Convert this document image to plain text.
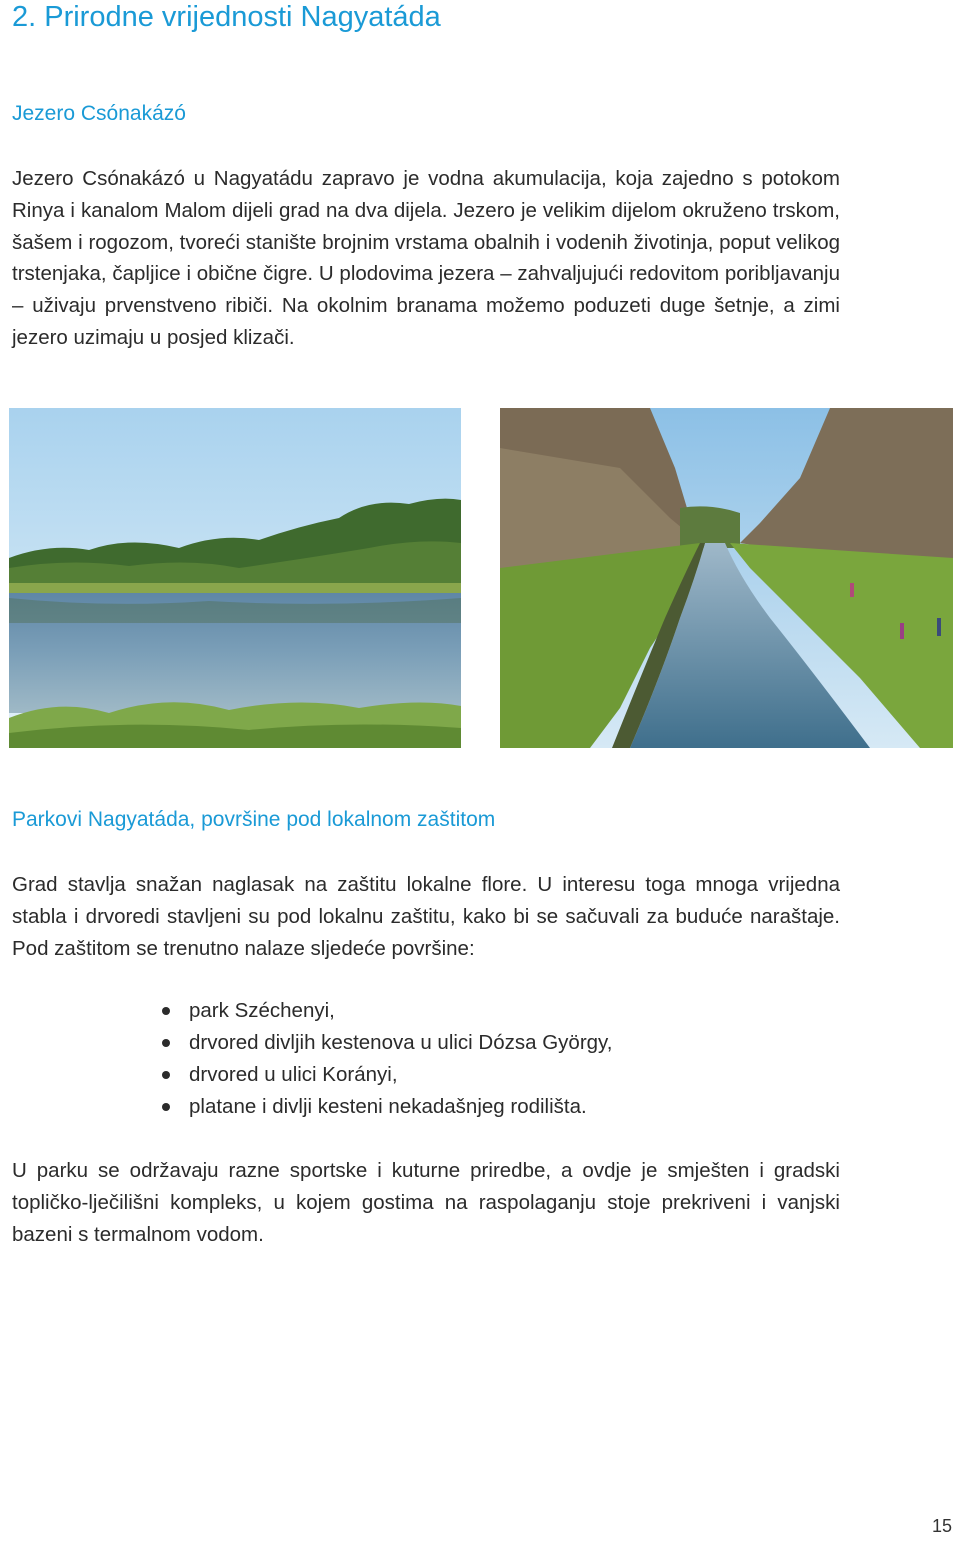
2. Prirodne vrijednosti Nagyatáda
Jezero Csónakázó

Jezero Csónakázó u Nagyatádu zapravo je vodna akumulacija, koja zajedno s potokom Rinya i kanalom Malom dijeli grad na dva dijela. Jezero je velikim dijelom okruženo trskom, šašem i rogozom, tvoreći stanište brojnim vrstama obalnih i vodenih životinja, poput velikog trstenjaka, čapljice i obične čigre. U plodovima jezera – zahvaljujući redovitom poribljavanju – uživaju prvenstveno ribiči. Na okolnim branama možemo poduzeti duge šetnje, a zimi jezero uzimaju u posjed klizači.

Parkovi Nagyatáda, površine pod lokalnom zaštitom

Grad stavlja snažan naglasak na zaštitu lokalne flore. U interesu toga mnoga vrijedna stabla i drvoredi stavljeni su pod lokalnu zaštitu, kako bi se sačuvali za buduće naraštaje. Pod zaštitom se trenutno nalaze sljedeće površine:

park Széchenyi,
drvored divljih kestenova u ulici Dózsa György,
drvored u ulici Korányi,
platane i divlji kesteni nekadašnjeg rodilišta.

U parku se održavaju razne sportske i kuturne priredbe, a ovdje je smješten i gradski topličko-lječilišni kompleks, u kojem gostima na raspolaganju stoje prekriveni i vanjski bazeni s termalnom vodom.

15
